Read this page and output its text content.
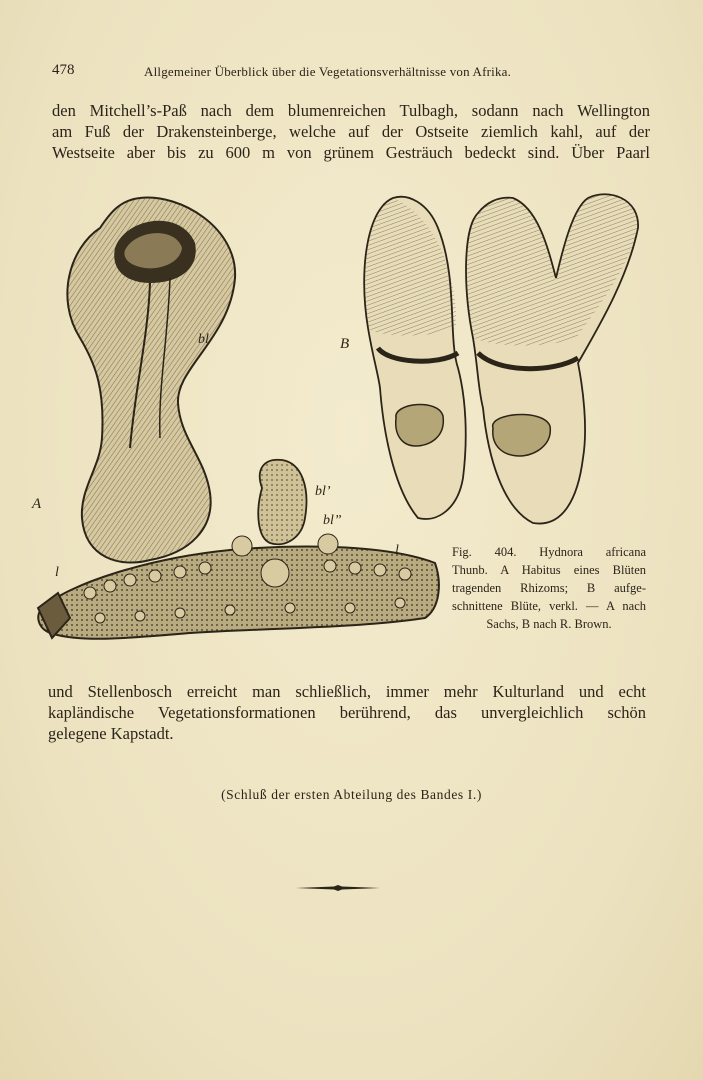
478	Allgemeiner Überblick über die Vegetationsverhältnisse von Afrika.
den Mitchell’s-Paß nach dem blumenreichen Tulbagh, sodann nach Wellington
am Fuß der Drakensteinberge, welche auf der Ostseite ziemlich kahl, auf der
Westseite aber bis zu 600 m von grünem Gesträuch bedeckt sind. Über Paarl
bl
A
bl’
bl”
l
l
B
Fig. 404. Hydnora africana
Thunb. A Habitus eines Blüten
tragenden Rhizoms; B aufge-
schnittene Blüte, verkl. — A nach
Sachs, B nach R. Brown.
und Stellenbosch erreicht man schließlich, immer mehr Kulturland und echt
kapländische Vegetationsformationen berührend, das unvergleichlich schön
gelegene Kapstadt.
(Schluß der ersten Abteilung des Bandes I.)
